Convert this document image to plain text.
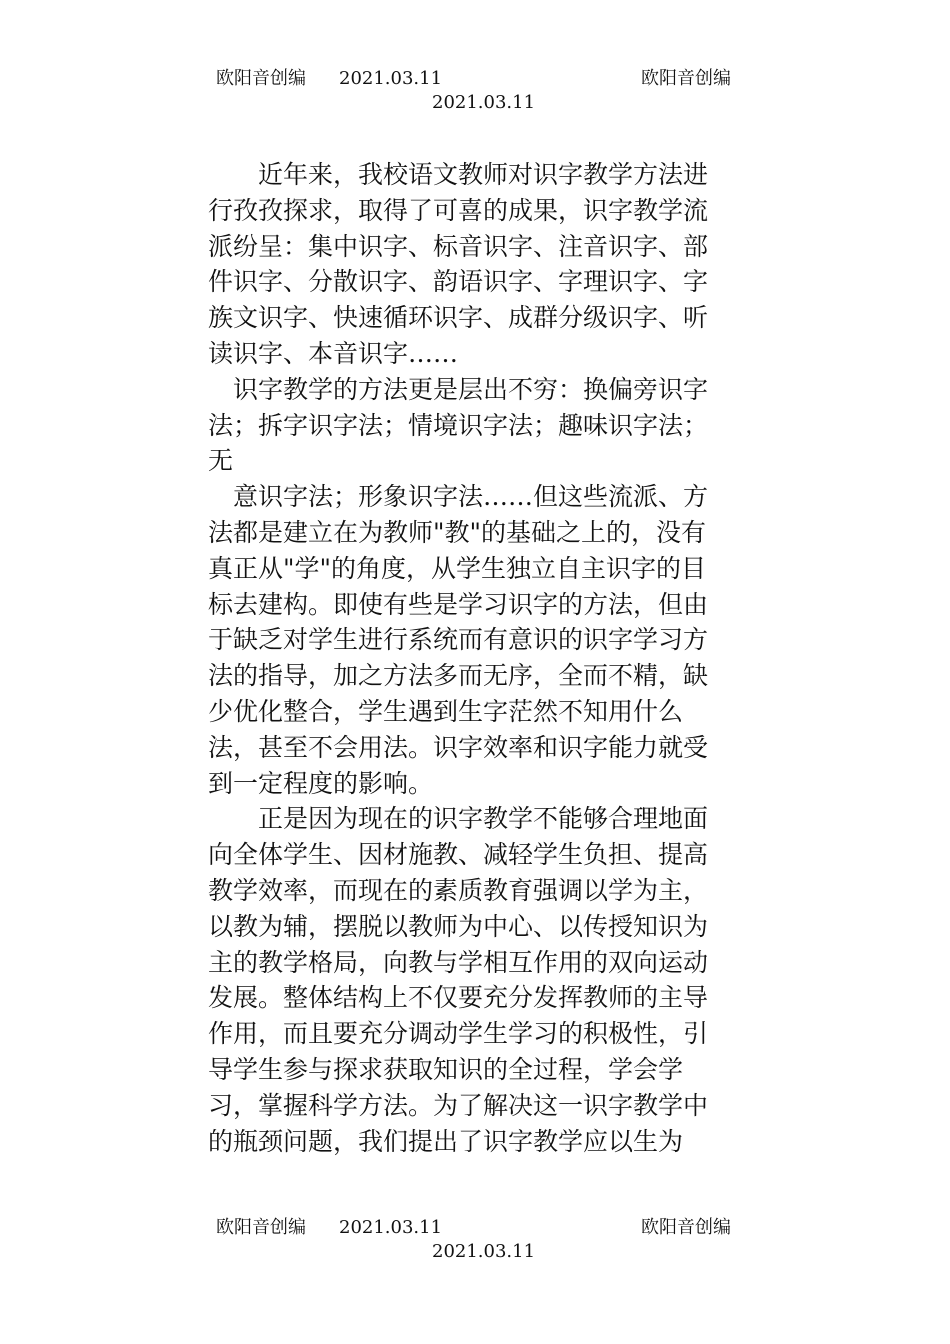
欧阳音创编 2021.03.11	欧阳音创编
2021.03.11
　　近年来，我校语文教师对识字教学方法进
行孜孜探求，取得了可喜的成果，识字教学流
派纷呈：集中识字、标音识字、注音识字、部
件识字、分散识字、韵语识字、字理识字、字
族文识字、快速循环识字、成群分级识字、听
读识字、本音识字……
　识字教学的方法更是层出不穷：换偏旁识字
法；拆字识字法；情境识字法；趣味识字法；
无
　意识字法；形象识字法……但这些流派、方
法都是建立在为教师"教"的基础之上的，没有
真正从"学"的角度，从学生独立自主识字的目
标去建构。即使有些是学习识字的方法，但由
于缺乏对学生进行系统而有意识的识字学习方
法的指导，加之方法多而无序，全而不精，缺
少优化整合，学生遇到生字茫然不知用什么
法，甚至不会用法。识字效率和识字能力就受
到一定程度的影响。
　　正是因为现在的识字教学不能够合理地面
向全体学生、因材施教、减轻学生负担、提高
教学效率，而现在的素质教育强调以学为主，
以教为辅，摆脱以教师为中心、以传授知识为
主的教学格局，向教与学相互作用的双向运动
发展。整体结构上不仅要充分发挥教师的主导
作用，而且要充分调动学生学习的积极性，引
导学生参与探求获取知识的全过程，学会学
习，掌握科学方法。为了解决这一识字教学中
的瓶颈问题，我们提出了识字教学应以生为
欧阳音创编 2021.03.11	欧阳音创编
2021.03.11
